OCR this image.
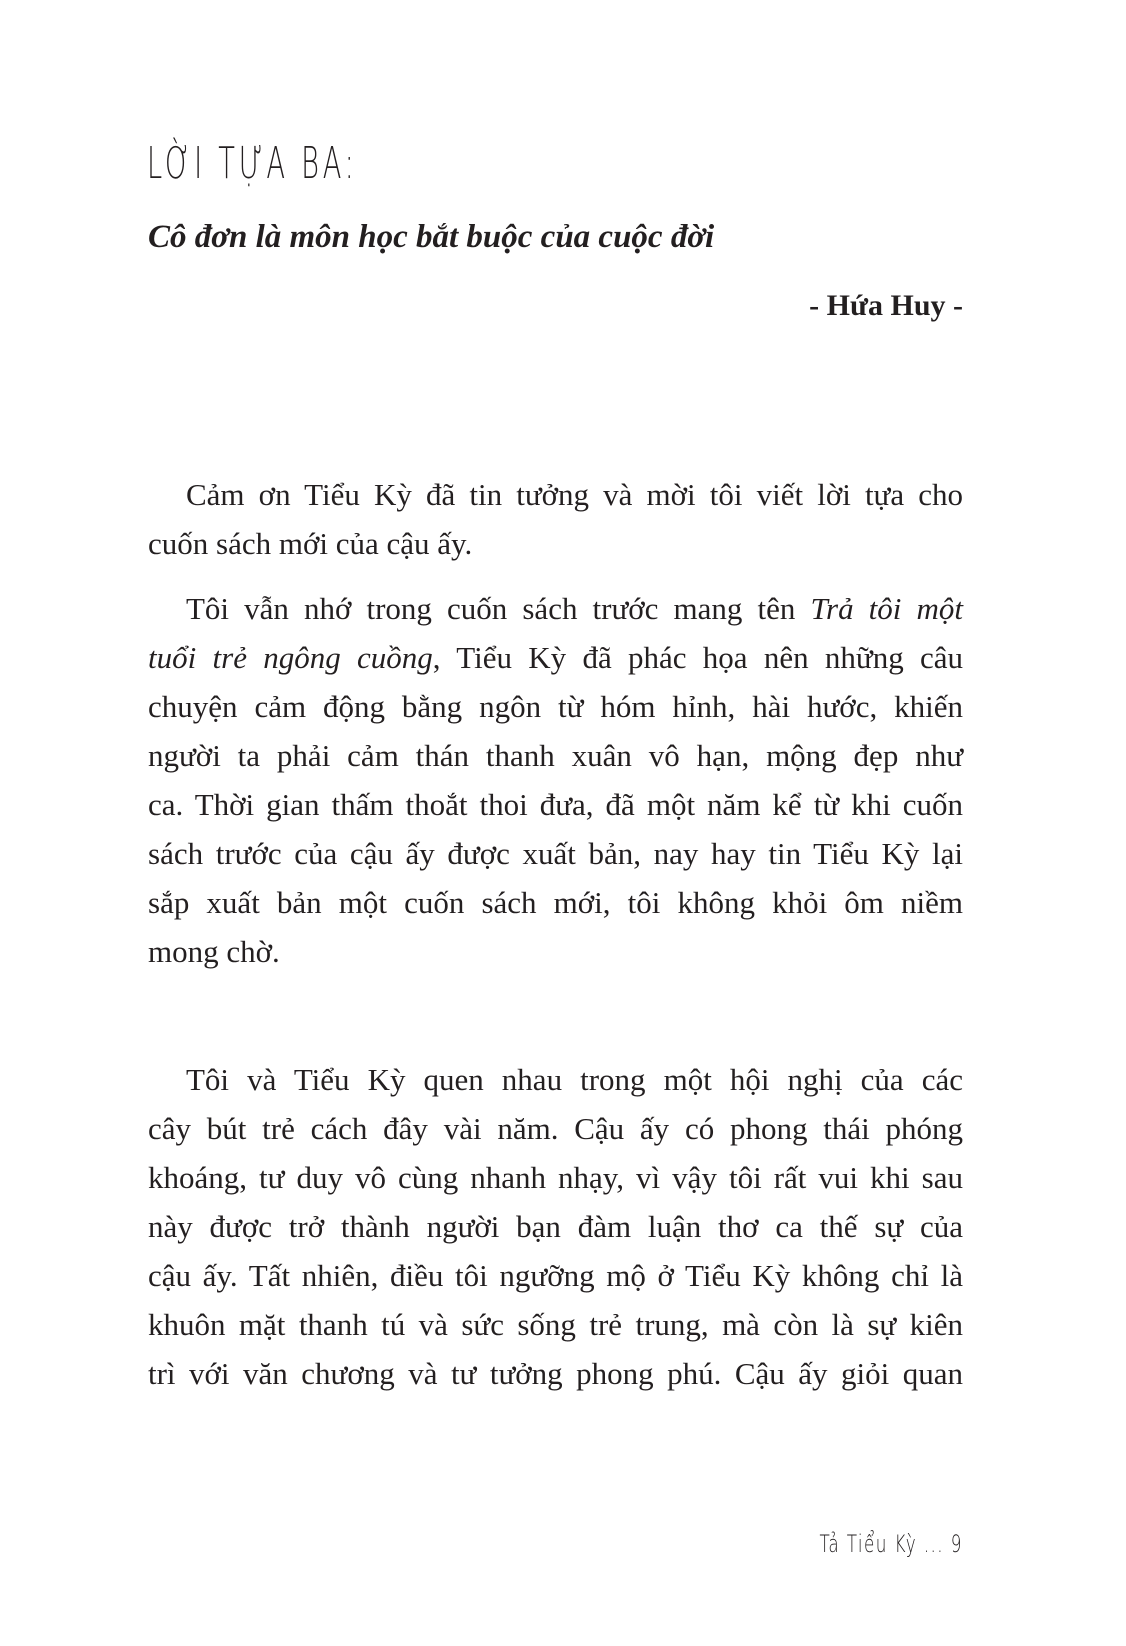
LỜI TỰA BA:
Cô đơn là môn học bắt buộc của cuộc đời
- Hứa Huy -
Cảm ơn Tiểu Kỳ đã tin tưởng và mời tôi viết lời tựa cho
cuốn sách mới của cậu ấy.
Tôi vẫn nhớ trong cuốn sách trước mang tên Trả tôi một
tuổi trẻ ngông cuồng, Tiểu Kỳ đã phác họa nên những câu
chuyện cảm động bằng ngôn từ hóm hỉnh, hài hước, khiến
người ta phải cảm thán thanh xuân vô hạn, mộng đẹp như
ca. Thời gian thấm thoắt thoi đưa, đã một năm kể từ khi cuốn
sách trước của cậu ấy được xuất bản, nay hay tin Tiểu Kỳ lại
sắp xuất bản một cuốn sách mới, tôi không khỏi ôm niềm
mong chờ.
Tôi và Tiểu Kỳ quen nhau trong một hội nghị của các
cây bút trẻ cách đây vài năm. Cậu ấy có phong thái phóng
khoáng, tư duy vô cùng nhanh nhạy, vì vậy tôi rất vui khi sau
này được trở thành người bạn đàm luận thơ ca thế sự của
cậu ấy. Tất nhiên, điều tôi ngưỡng mộ ở Tiểu Kỳ không chỉ là
khuôn mặt thanh tú và sức sống trẻ trung, mà còn là sự kiên
trì với văn chương và tư tưởng phong phú. Cậu ấy giỏi quan
Tả Tiểu Kỳ ... 9
